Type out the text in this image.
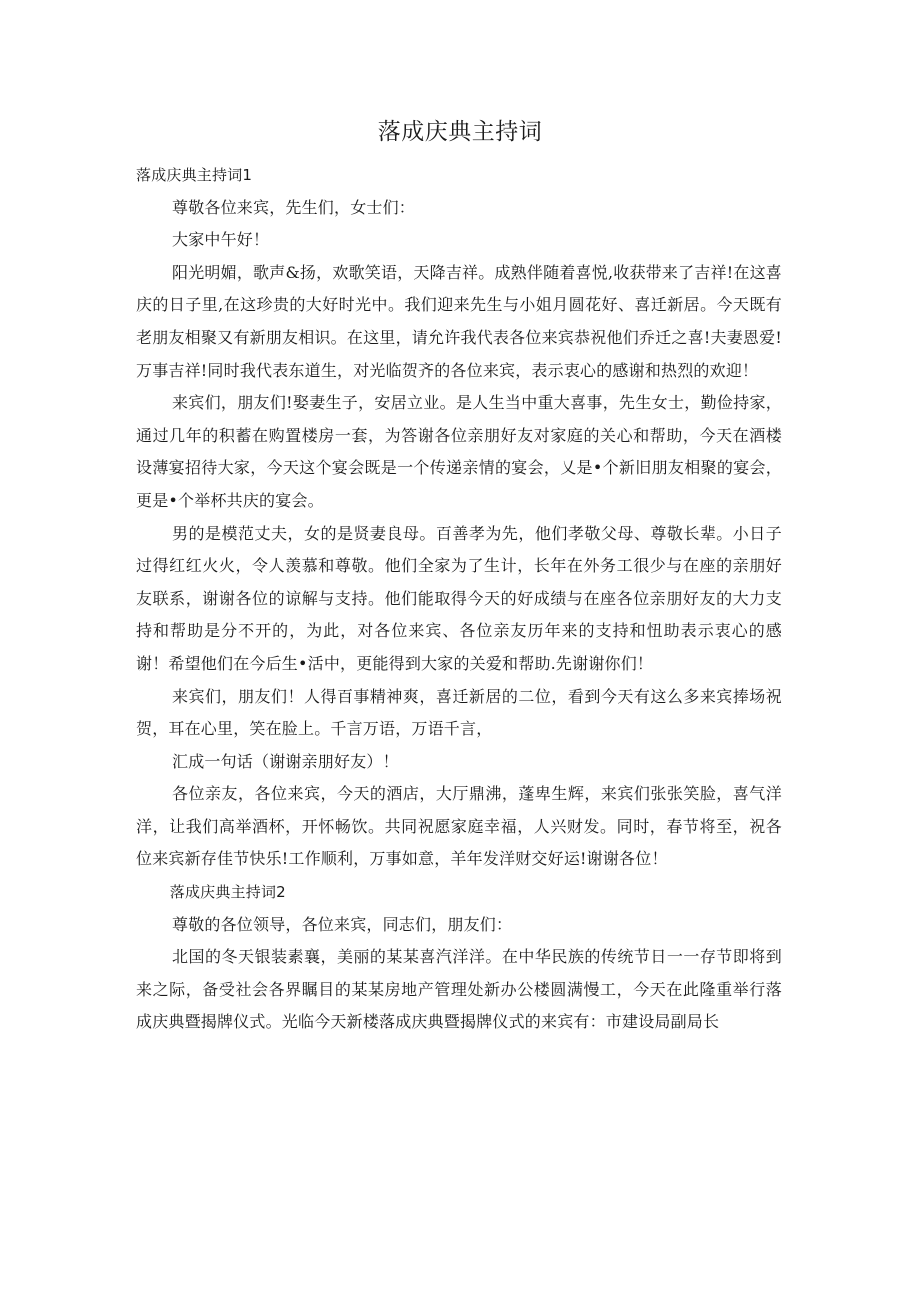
落成庆典主持词

落成庆典主持词1

尊敬各位来宾，先生们，女士们：

大家中午好！

阳光明媚，歌声&扬，欢歌笑语，天降吉祥。成熟伴随着喜悦,收获带来了吉祥!在这喜庆的日子里,在这珍贵的大好时光中。我们迎来先生与小姐月圆花好、喜迁新居。今天既有老朋友相聚又有新朋友相识。在这里，请允许我代表各位来宾恭祝他们乔迁之喜!夫妻恩爱!万事吉祥!同时我代表东道生，对光临贺齐的各位来宾，表示衷心的感谢和热烈的欢迎！

来宾们，朋友们!娶妻生子，安居立业。是人生当中重大喜事，先生女士，勤俭持家，通过几年的积蓄在购置楼房一套，为答谢各位亲朋好友对家庭的关心和帮助，今天在酒楼设薄宴招待大家，今天这个宴会既是一个传递亲情的宴会，乂是•个新旧朋友相聚的宴会，更是•个举杯共庆的宴会。

男的是模范丈夫，女的是贤妻良母。百善孝为先，他们孝敬父母、尊敬长辈。小日子过得红红火火，令人羡慕和尊敬。他们全家为了生计，长年在外务工很少与在座的亲朋好友联系，谢谢各位的谅解与支持。他们能取得今天的好成绩与在座各位亲朋好友的大力支持和帮助是分不开的，为此，对各位来宾、各位亲友历年来的支持和忸助表示衷心的感谢！希望他们在今后生•活中，更能得到大家的关爱和帮助.先谢谢你们！

来宾们，朋友们！人得百事精神爽，喜迁新居的二位，看到今天有这么多来宾捧场祝贺，耳在心里，笑在脸上。千言万语，万语千言，

汇成一句话（谢谢亲朋好友）！

各位亲友，各位来宾，今天的酒店，大厅鼎沸，蓬卑生辉，来宾们张张笑脸，喜气洋洋，让我们高举酒杯，开怀畅饮。共同祝愿家庭幸福，人兴财发。同时，春节将至，祝各位来宾新存佳节快乐!工作顺利，万事如意，羊年发洋财交好运!谢谢各位！

落成庆典主持词2

尊敬的各位领导，各位来宾，同志们，朋友们：

北国的冬天银装素襄，美丽的某某喜汽洋洋。在中华民族的传统节日一一存节即将到来之际，备受社会各界瞩目的某某房地产管理处新办公楼圆满慢工，今天在此隆重举行落成庆典暨揭牌仪式。光临今天新楼落成庆典暨揭牌仪式的来宾有：市建设局副局长
